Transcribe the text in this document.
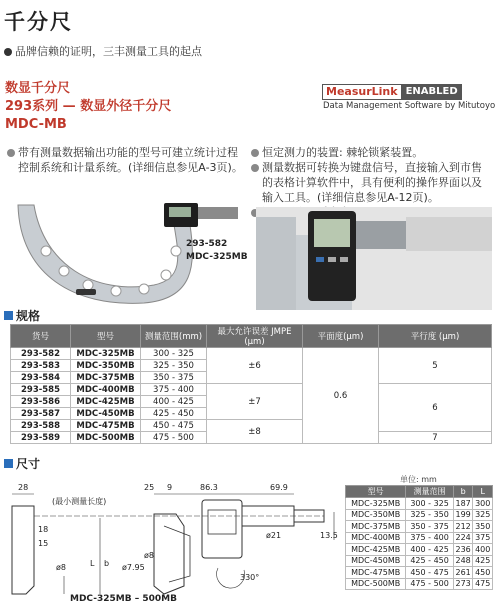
千分尺
品牌信赖的证明，三丰测量工具的起点
数显千分尺
293系列 — 数显外径千分尺
MDC-MB
MeasurLink ENABLED
Data Management Software by Mitutoyo
带有测量数据输出功能的型号可建立统计过程控制系统和计量系统。(详细信息参见A-3页)。
恒定测力的装置: 棘轮锁紧装置。
测量数据可转换为键盘信号，直接输入到市售的表格计算软件中，具有便利的操作界面以及输入工具。(详细信息参见A-12页)。
293-582
MDC-325MB
规格
货号	型号	测量范围(mm)	最大允许误差 JMPE (μm)	平面度(μm)	平行度 (μm)
293-582	MDC-325MB	300 - 325	±6	0.6	5
293-583	MDC-350MB	325 - 350			
293-584	MDC-375MB	350 - 375			
293-585	MDC-400MB	375 - 400	±7		6
293-586	MDC-425MB	400 - 425			
293-587	MDC-450MB	425 - 450			
293-588	MDC-475MB	450 - 475	±8		
293-589	MDC-500MB	475 - 500			7
尺寸
单位: mm
28
(最小测量长度)
25 9	86.3	69.9
18
15
ø8	b
L	ø7.95
ø8
ø21	13.5
330°
MDC-325MB – 500MB
型号	测量范围	b	L
MDC-325MB	300 - 325	187	300
MDC-350MB	325 - 350	199	325
MDC-375MB	350 - 375	212	350
MDC-400MB	375 - 400	224	375
MDC-425MB	400 - 425	236	400
MDC-450MB	425 - 450	248	425
MDC-475MB	450 - 475	261	450
MDC-500MB	475 - 500	273	475
